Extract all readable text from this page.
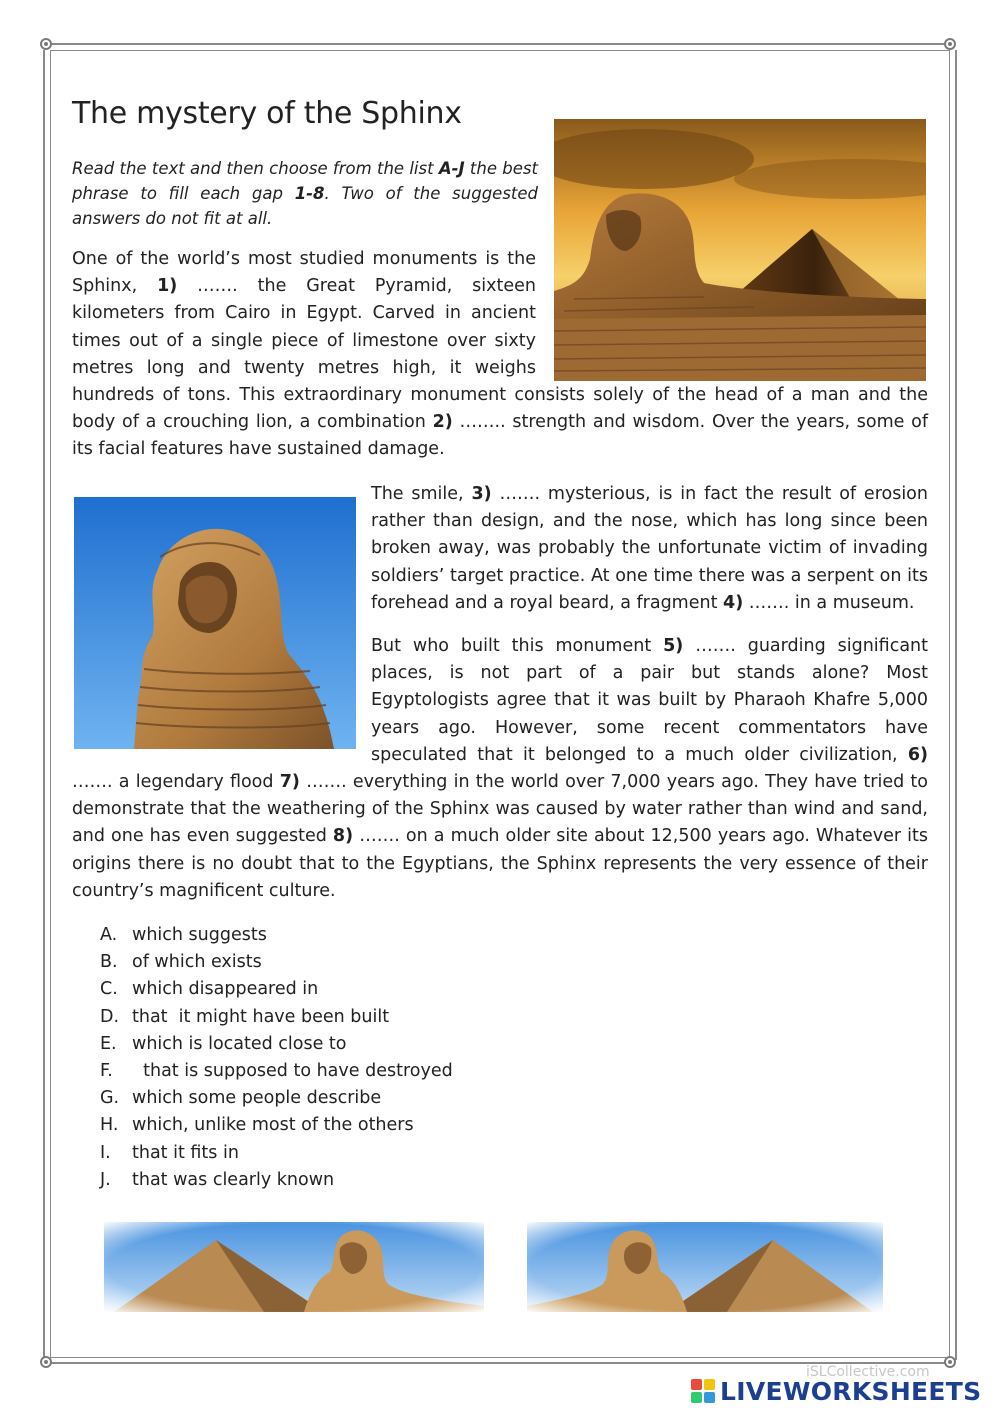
The mystery of the Sphinx

Read the text and then choose from the list A-J the best phrase to fill each gap 1-8. Two of the suggested answers do not fit at all.

One of the world’s most studied monuments is the
Sphinx, 1) ……. the Great Pyramid, sixteen
kilometers from Cairo in Egypt. Carved in ancient
times out of a single piece of limestone over sixty
metres long and twenty metres high, it weighs

hundreds of tons. This extraordinary monument consists solely of the head of a man and the
body of a crouching lion, a combination 2) …….. strength and wisdom. Over the years, some of
its facial features have sustained damage.

The smile, 3) ……. mysterious, is in fact the result of erosion
rather than design, and the nose, which has long since been
broken away, was probably the unfortunate victim of invading
soldiers’ target practice. At one time there was a serpent on its
forehead and a royal beard, a fragment 4) ……. in a museum.

But who built this monument 5) ……. guarding significant
places, is not part of a pair but stands alone? Most
Egyptologists agree that it was built by Pharaoh Khafre 5,000
years ago. However, some recent commentators have
speculated that it belonged to a much older civilization, 6)

……. a legendary flood 7) ……. everything in the world over 7,000 years ago. They have tried to
demonstrate that the weathering of the Sphinx was caused by water rather than wind and sand,
and one has even suggested 8) ……. on a much older site about 12,500 years ago. Whatever its
origins there is no doubt that to the Egyptians, the Sphinx represents the very essence of their
country’s magnificent culture.

A. which suggests
B. of which exists
C. which disappeared in
D. that  it might have been built
E. which is located close to
F.	that is supposed to have destroyed
G. which some people describe
H. which, unlike most of the others
I.	that it fits in
J.	that was clearly known
iSLCollective.com
LIVEWORKSHEETS
